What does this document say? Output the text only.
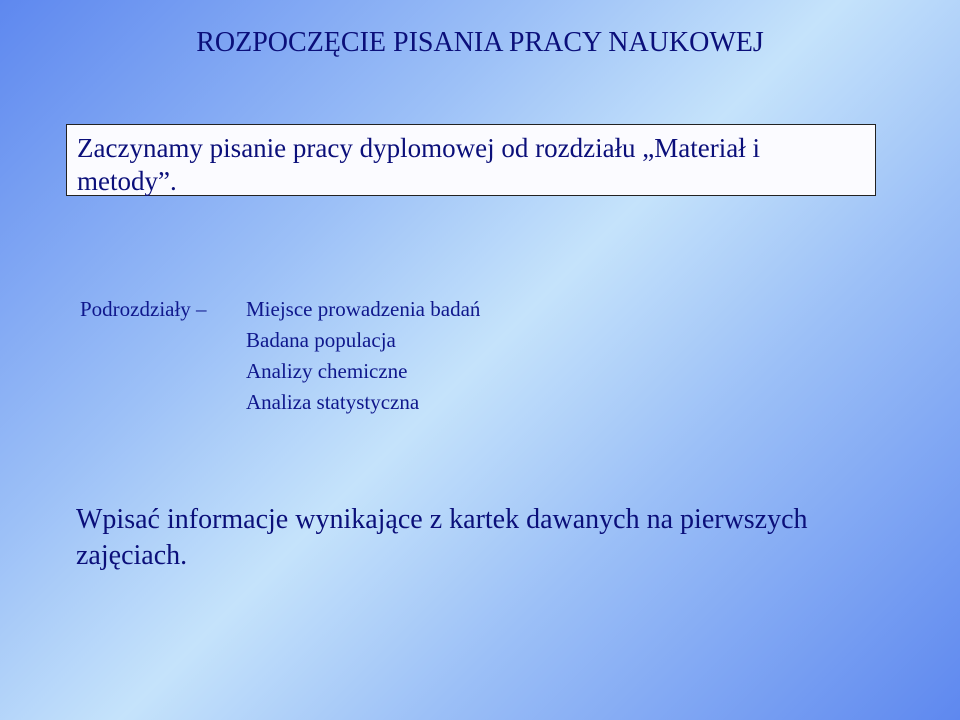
ROZPOCZĘCIE PISANIA PRACY NAUKOWEJ
Zaczynamy pisanie pracy dyplomowej od rozdziału „Materiał i
metody”.
Podrozdziały – Miejsce prowadzenia badań
Badana populacja
Analizy chemiczne
Analiza statystyczna
Wpisać informacje wynikające z kartek dawanych na pierwszych zajęciach.
